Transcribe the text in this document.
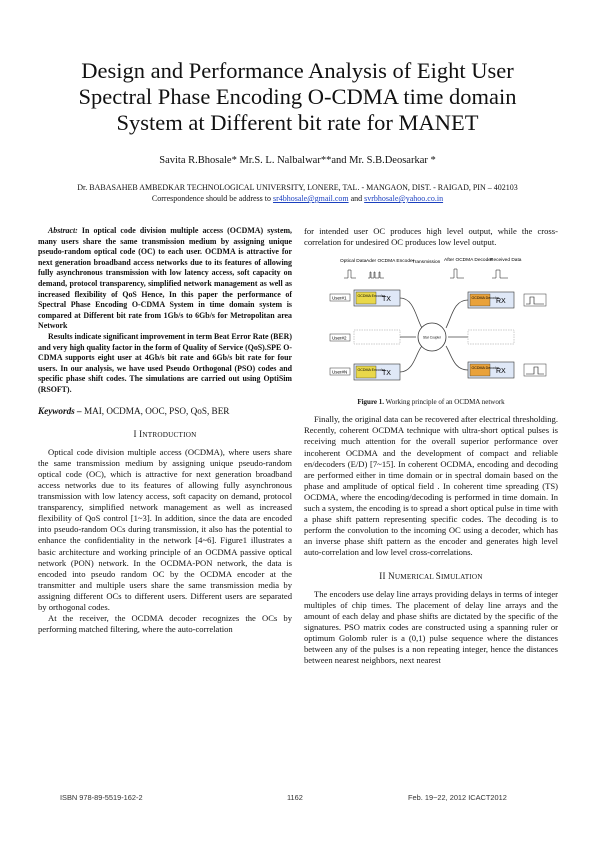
Design and Performance Analysis of Eight User
Spectral Phase Encoding O-CDMA time domain
System at Different bit rate for MANET
Savita R.Bhosale* Mr.S. L. Nalbalwar**and Mr. S.B.Deosarkar *
Dr. BABASAHEB AMBEDKAR TECHNOLOGICAL UNIVERSITY, LONERE, TAL. - MANGAON, DIST. - RAIGAD, PIN – 402103
Correspondence should be address to sr4bhosale@gmail.com and svrbhosale@yahoo.co.in

Abstract: In optical code division multiple access (OCDMA) system, many users share the same transmission medium by assigning unique pseudo-random optical code (OC) to each user. OCDMA is attractive for next generation broadband access networks due to its features of allowing fully asynchronous transmission with low latency access, soft capacity on demand, protocol transparency, simplified network management as well as increased flexibility of QoS Hence, In this paper the performance of Spectral Phase Encoding O-CDMA System in time domain system is compared at Different bit rate from 1Gb/s to 6Gb/s for Metropolitan area Network

Results indicate significant improvement in term Beat Error Rate (BER) and very high quality factor in the form of Quality of Service (QoS).SPE O-CDMA supports eight user at 4Gb/s bit rate and 6Gb/s bit rate for four users. In our analysis, we have used Pseudo Orthogonal (PSO) codes and specific phase shift codes. The simulations are carried out using OptiSim (RSOFT).

Keywords – MAI, OCDMA, OOC, PSO, QoS, BER

I INTRODUCTION

Optical code division multiple access (OCDMA), where users share the same transmission medium by assigning unique pseudo-random optical code (OC), which is attractive for next generation broadband access networks due to its features of allowing fully asynchronous transmission with low latency access, soft capacity on demand, protocol transparency, simplified network management as well as increased flexibility of QoS control [1~3]. In addition, since the data are encoded into pseudo-random OCs during transmission, it also has the potential to enhance the confidentiality in the network [4~6]. Figure1 illustrates a basic architecture and working principle of an OCDMA passive optical network (PON) network. In the OCDMA-PON network, the data is encoded into pseudo random OC by the OCDMA encoder at the transmitter and multiple users share the same transmission media by assigning different OCs to different users. Different users are separated by orthogonal codes.

At the receiver, the OCDMA decoder recognizes the OCs by performing matched filtering, where the auto-correlation

for intended user OC produces high level output, while the cross-correlation for undesired OC produces low level output.

Optical Data Ader OCDMA Encoder
Transmission After OCDMA Decoder
Received Data
User#1
User#2
User#N
OCDMA Encoder
TX
OCDMA Encoder
TX
Star Coupler
OCDMA Decoder
RX
OCDMA Decoder
RX

Figure 1. Working principle of an OCDMA network

Finally, the original data can be recovered after electrical thresholding. Recently, coherent OCDMA technique with ultra-short optical pulses is receiving much attention for the overall superior performance over incoherent OCDMA and the development of compact and reliable en/decoders (E/D) [7~15]. In coherent OCDMA, encoding and decoding are performed either in time domain or in spectral domain based on the phase and amplitude of optical field . In coherent time spreading (TS) OCDMA, where the encoding/decoding is performed in time domain. In such a system, the encoding is to spread a short optical pulse in time with a phase shift pattern representing specific codes. The decoding is to perform the convolution to the incoming OC using a decoder, which has an inverse phase shift pattern as the encoder and generates high level auto-correlation and low level cross-correlations.

II NUMERICAL SIMULATION

The encoders use delay line arrays providing delays in terms of integer multiples of chip times. The placement of delay line arrays and the amount of each delay and phase shifts are dictated by the specific of the signatures. PSO matrix codes are constructed using a spanning ruler or optimum Golomb ruler is a (0,1) pulse sequence where the distances between any of the pulses is a non repeating integer, hence the distances between nearest neighbors, next nearest

ISBN 978-89-5519-162-2	1162	Feb. 19~22, 2012 ICACT2012
